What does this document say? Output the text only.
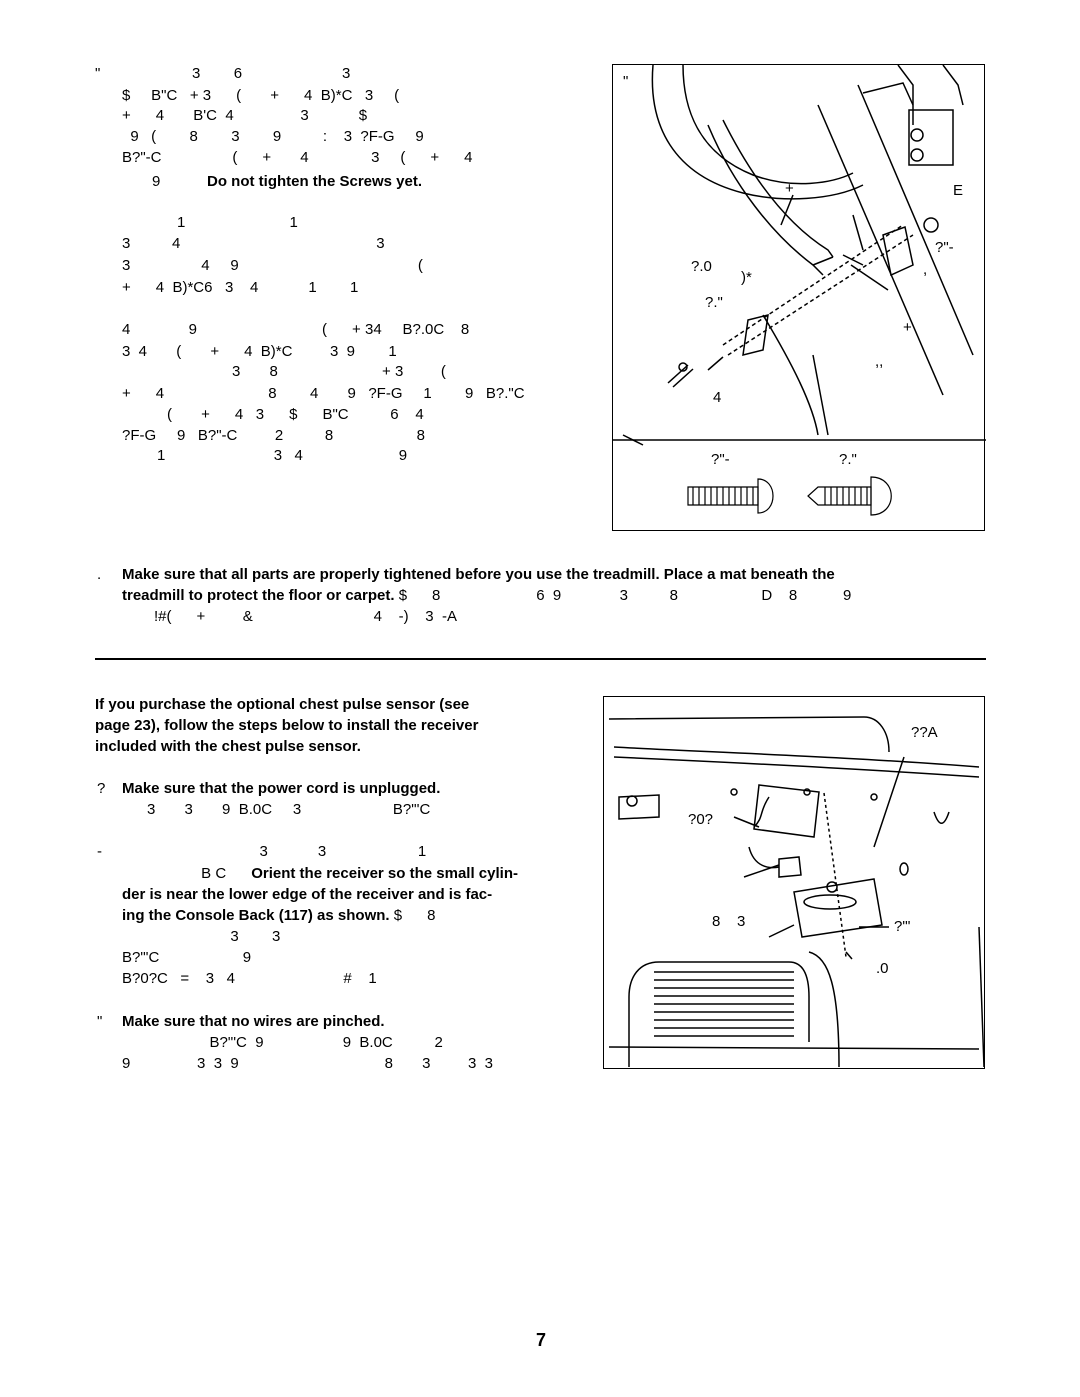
"                      3        6                        3
$     B"C   + 3      (       +      4  B)*C   3     (
+      4       B'C  4                3            $
9   (        8        3        9          :    3  ?F-G     9
B?"-C                 (      +       4               3     (      +      4
9	Do not tighten the Screws yet.
1                         1
3          4                                               3
3                 4     9                                           (
+      4  B)*C6   3    4            1        1
4              9                              (      + 34     B?.0C    8
3  4       (       +      4  B)*C         3  9        1
3       8                         + 3         (
+      4                         8        4       9   ?F-G     1        9   B?."C
(       +      4   3      $      B"C          6    4
?F-G     9   B?"-C         2          8                    8
1                          3   4                       9
"
+	E
?"-
,
?.0
)*
?."
+
,,
4
?"-	?."
. Make sure that all parts are properly tightened before you use the treadmill. Place a mat beneath the
treadmill to protect the floor or carpet. $      8                       6  9              3          8                    D    8           9
!#(      +         &                             4    -)    3  -A
If you purchase the optional chest pulse sensor (see
page 23), follow the steps below to install the receiver
included with the chest pulse sensor.
? Make sure that the power cord is unplugged.
3       3       9  B.0C     3                      B?"'C
- 3            3                      1
B C Orient the receiver so the small cylin-
der is near the lower edge of the receiver and is fac-
ing the Console Back (117) as shown. $      8
3        3
B?"'C                    9
B?0?C   =    3   4                          #    1
" Make sure that no wires are pinched.
B?"'C  9                   9  B.0C          2
9                3  3  9                                   8       3         3  3
??A
?0?
8    3	?"'
.0
7
